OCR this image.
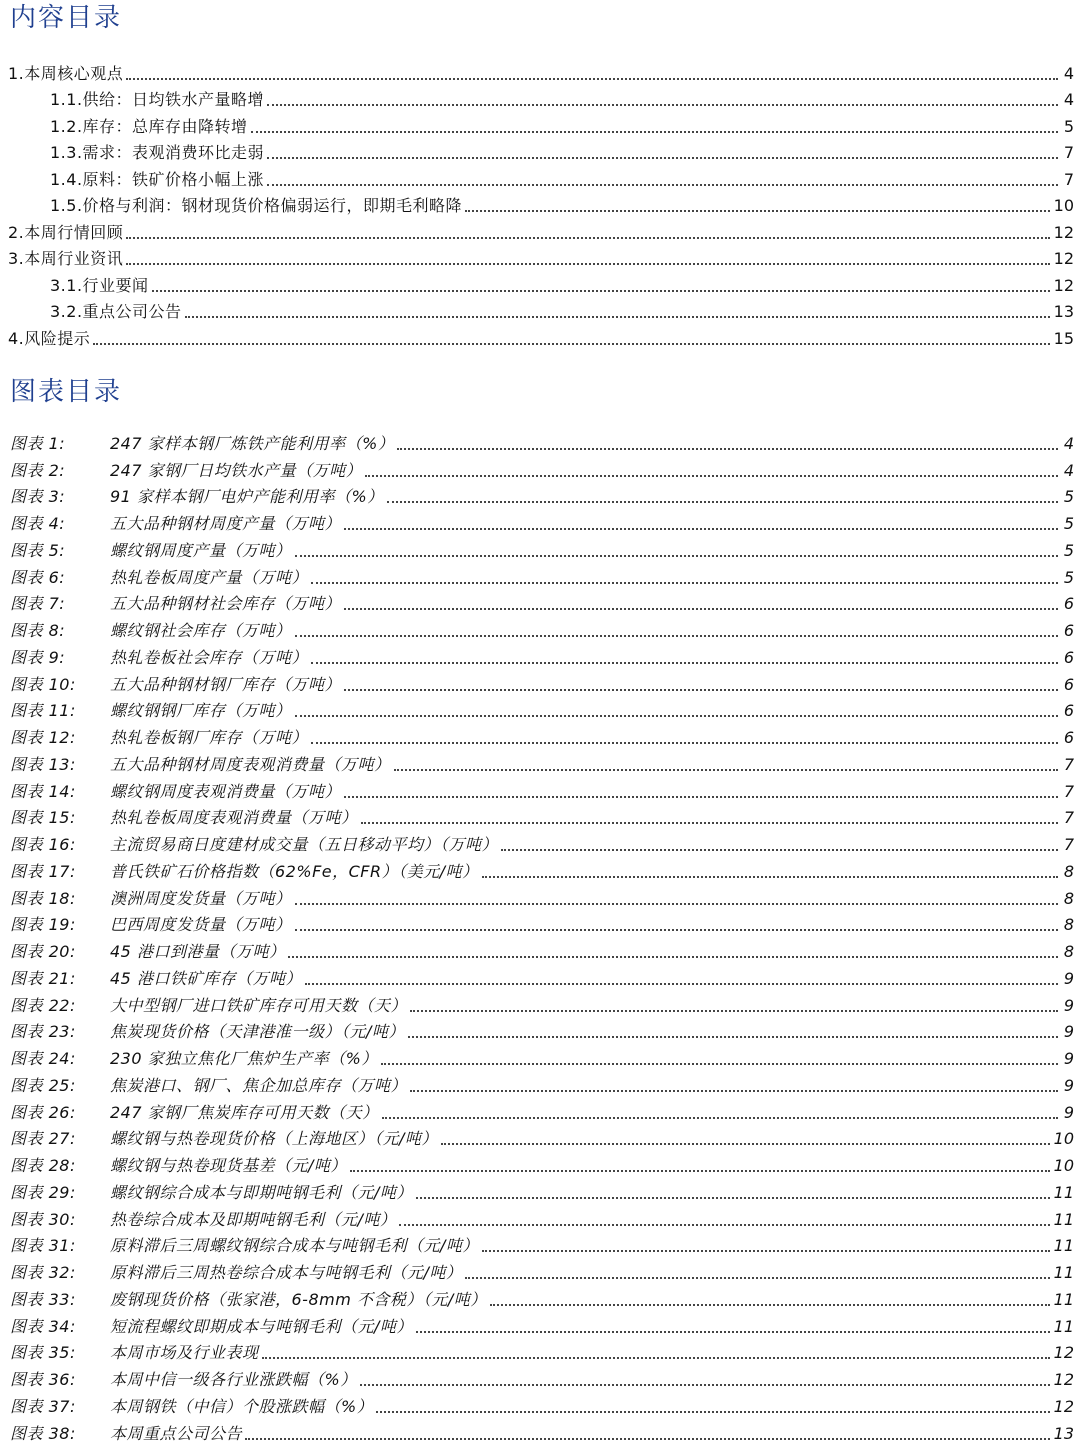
内容目录
1.本周核心观点	4
1.1.供给：日均铁水产量略增	4
1.2.库存：总库存由降转增	5
1.3.需求：表观消费环比走弱	7
1.4.原料：铁矿价格小幅上涨	7
1.5.价格与利润：钢材现货价格偏弱运行，即期毛利略降	10
2.本周行情回顾	12
3.本周行业资讯	12
3.1.行业要闻	12
3.2.重点公司公告	13
4.风险提示	15
图表目录
图表 1:	247 家样本钢厂炼铁产能利用率（%）	4
图表 2:	247 家钢厂日均铁水产量（万吨）	4
图表 3:	91 家样本钢厂电炉产能利用率（%）	5
图表 4:	五大品种钢材周度产量（万吨）	5
图表 5:	螺纹钢周度产量（万吨）	5
图表 6:	热轧卷板周度产量（万吨）	5
图表 7:	五大品种钢材社会库存（万吨）	6
图表 8:	螺纹钢社会库存（万吨）	6
图表 9:	热轧卷板社会库存（万吨）	6
图表 10: 五大品种钢材钢厂库存（万吨）	6
图表 11: 螺纹钢钢厂库存（万吨）	6
图表 12: 热轧卷板钢厂库存（万吨）	6
图表 13: 五大品种钢材周度表观消费量（万吨）	7
图表 14: 螺纹钢周度表观消费量（万吨）	7
图表 15: 热轧卷板周度表观消费量（万吨）	7
图表 16: 主流贸易商日度建材成交量（五日移动平均）（万吨）	7
图表 17: 普氏铁矿石价格指数（62%Fe，CFR）（美元/吨）	8
图表 18: 澳洲周度发货量（万吨）	8
图表 19: 巴西周度发货量（万吨）	8
图表 20: 45 港口到港量（万吨）	8
图表 21: 45 港口铁矿库存（万吨）	9
图表 22: 大中型钢厂进口铁矿库存可用天数（天）	9
图表 23: 焦炭现货价格（天津港准一级）（元/吨）	9
图表 24: 230 家独立焦化厂焦炉生产率（%）	9
图表 25: 焦炭港口、钢厂、焦企加总库存（万吨）	9
图表 26: 247 家钢厂焦炭库存可用天数（天）	9
图表 27: 螺纹钢与热卷现货价格（上海地区）（元/吨）	10
图表 28: 螺纹钢与热卷现货基差（元/吨）	10
图表 29: 螺纹钢综合成本与即期吨钢毛利（元/吨）	11
图表 30: 热卷综合成本及即期吨钢毛利（元/吨）	11
图表 31: 原料滞后三周螺纹钢综合成本与吨钢毛利（元/吨）	11
图表 32: 原料滞后三周热卷综合成本与吨钢毛利（元/吨）	11
图表 33: 废钢现货价格（张家港，6-8mm 不含税）（元/吨）	11
图表 34: 短流程螺纹即期成本与吨钢毛利（元/吨）	11
图表 35: 本周市场及行业表现	12
图表 36: 本周中信一级各行业涨跌幅（%）	12
图表 37: 本周钢铁（中信）个股涨跌幅（%）	12
图表 38: 本周重点公司公告	13
